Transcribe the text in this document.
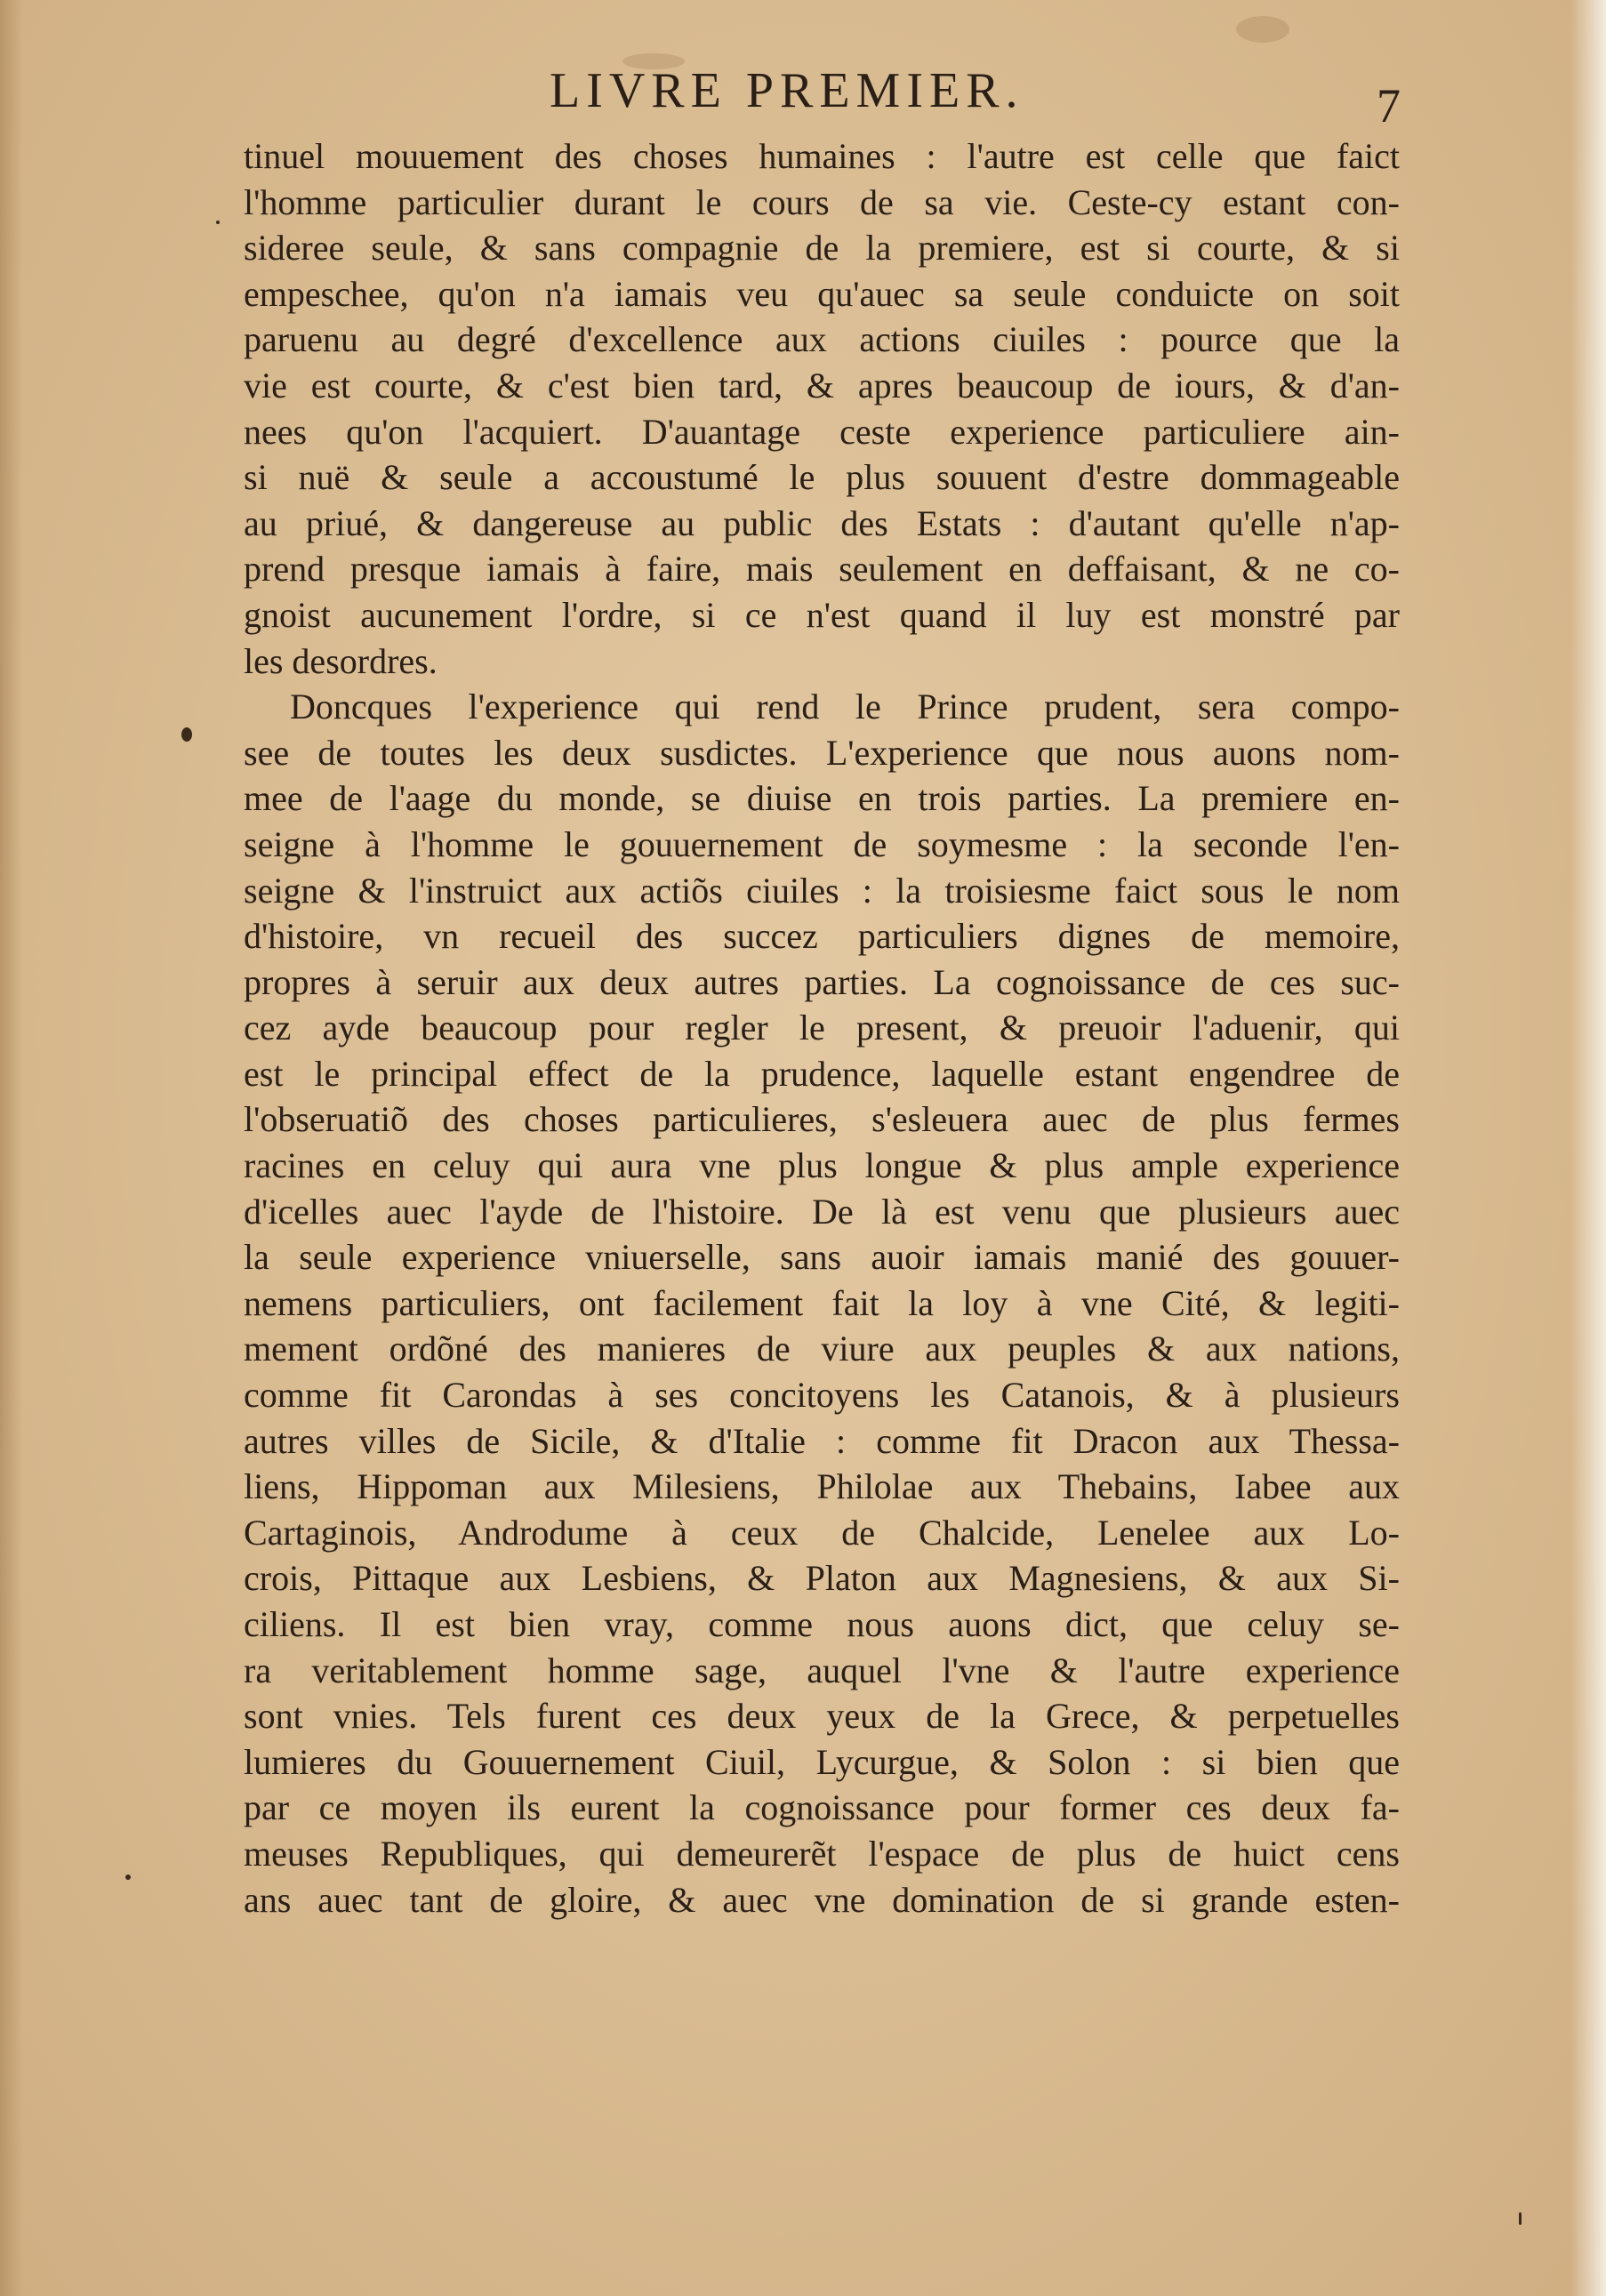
LIVRE PREMIER.	7
tinuel mouuement des choses humaines : l'autre est celle que faict
l'homme particulier durant le cours de sa vie. Ceste-cy estant con-
sideree seule, & sans compagnie de la premiere, est si courte, & si
empeschee, qu'on n'a iamais veu qu'auec sa seule conduicte on soit
paruenu au degré d'excellence aux actions ciuiles : pource que la
vie est courte, & c'est bien tard, & apres beaucoup de iours, & d'an-
nees qu'on l'acquiert. D'auantage ceste experience particuliere ain-
si nuë & seule a accoustumé le plus souuent d'estre dommageable
au priué, & dangereuse au public des Estats : d'autant qu'elle n'ap-
prend presque iamais à faire, mais seulement en deffaisant, & ne co-
gnoist aucunement l'ordre, si ce n'est quand il luy est monstré par
les desordres.
Doncques l'experience qui rend le Prince prudent, sera compo-
see de toutes les deux susdictes. L'experience que nous auons nom-
mee de l'aage du monde, se diuise en trois parties. La premiere en-
seigne à l'homme le gouuernement de soymesme : la seconde l'en-
seigne & l'instruict aux actiõs ciuiles : la troisiesme faict sous le nom
d'histoire, vn recueil des succez particuliers dignes de memoire,
propres à seruir aux deux autres parties. La cognoissance de ces suc-
cez ayde beaucoup pour regler le present, & preuoir l'aduenir, qui
est le principal effect de la prudence, laquelle estant engendree de
l'obseruatiõ des choses particulieres, s'esleuera auec de plus fermes
racines en celuy qui aura vne plus longue & plus ample experience
d'icelles auec l'ayde de l'histoire. De là est venu que plusieurs auec
la seule experience vniuerselle, sans auoir iamais manié des gouuer-
nemens particuliers, ont facilement fait la loy à vne Cité, & legiti-
mement ordõné des manieres de viure aux peuples & aux nations,
comme fit Carondas à ses concitoyens les Catanois, & à plusieurs
autres villes de Sicile, & d'Italie : comme fit Dracon aux Thessa-
liens, Hippoman aux Milesiens, Philolae aux Thebains, Iabee aux
Cartaginois, Androdume à ceux de Chalcide, Lenelee aux Lo-
crois, Pittaque aux Lesbiens, & Platon aux Magnesiens, & aux Si-
ciliens. Il est bien vray, comme nous auons dict, que celuy se-
ra veritablement homme sage, auquel l'vne & l'autre experience
sont vnies. Tels furent ces deux yeux de la Grece, & perpetuelles
lumieres du Gouuernement Ciuil, Lycurgue, & Solon : si bien que
par ce moyen ils eurent la cognoissance pour former ces deux fa-
meuses Republiques, qui demeurerẽt l'espace de plus de huict cens
ans auec tant de gloire, & auec vne domination de si grande esten-
